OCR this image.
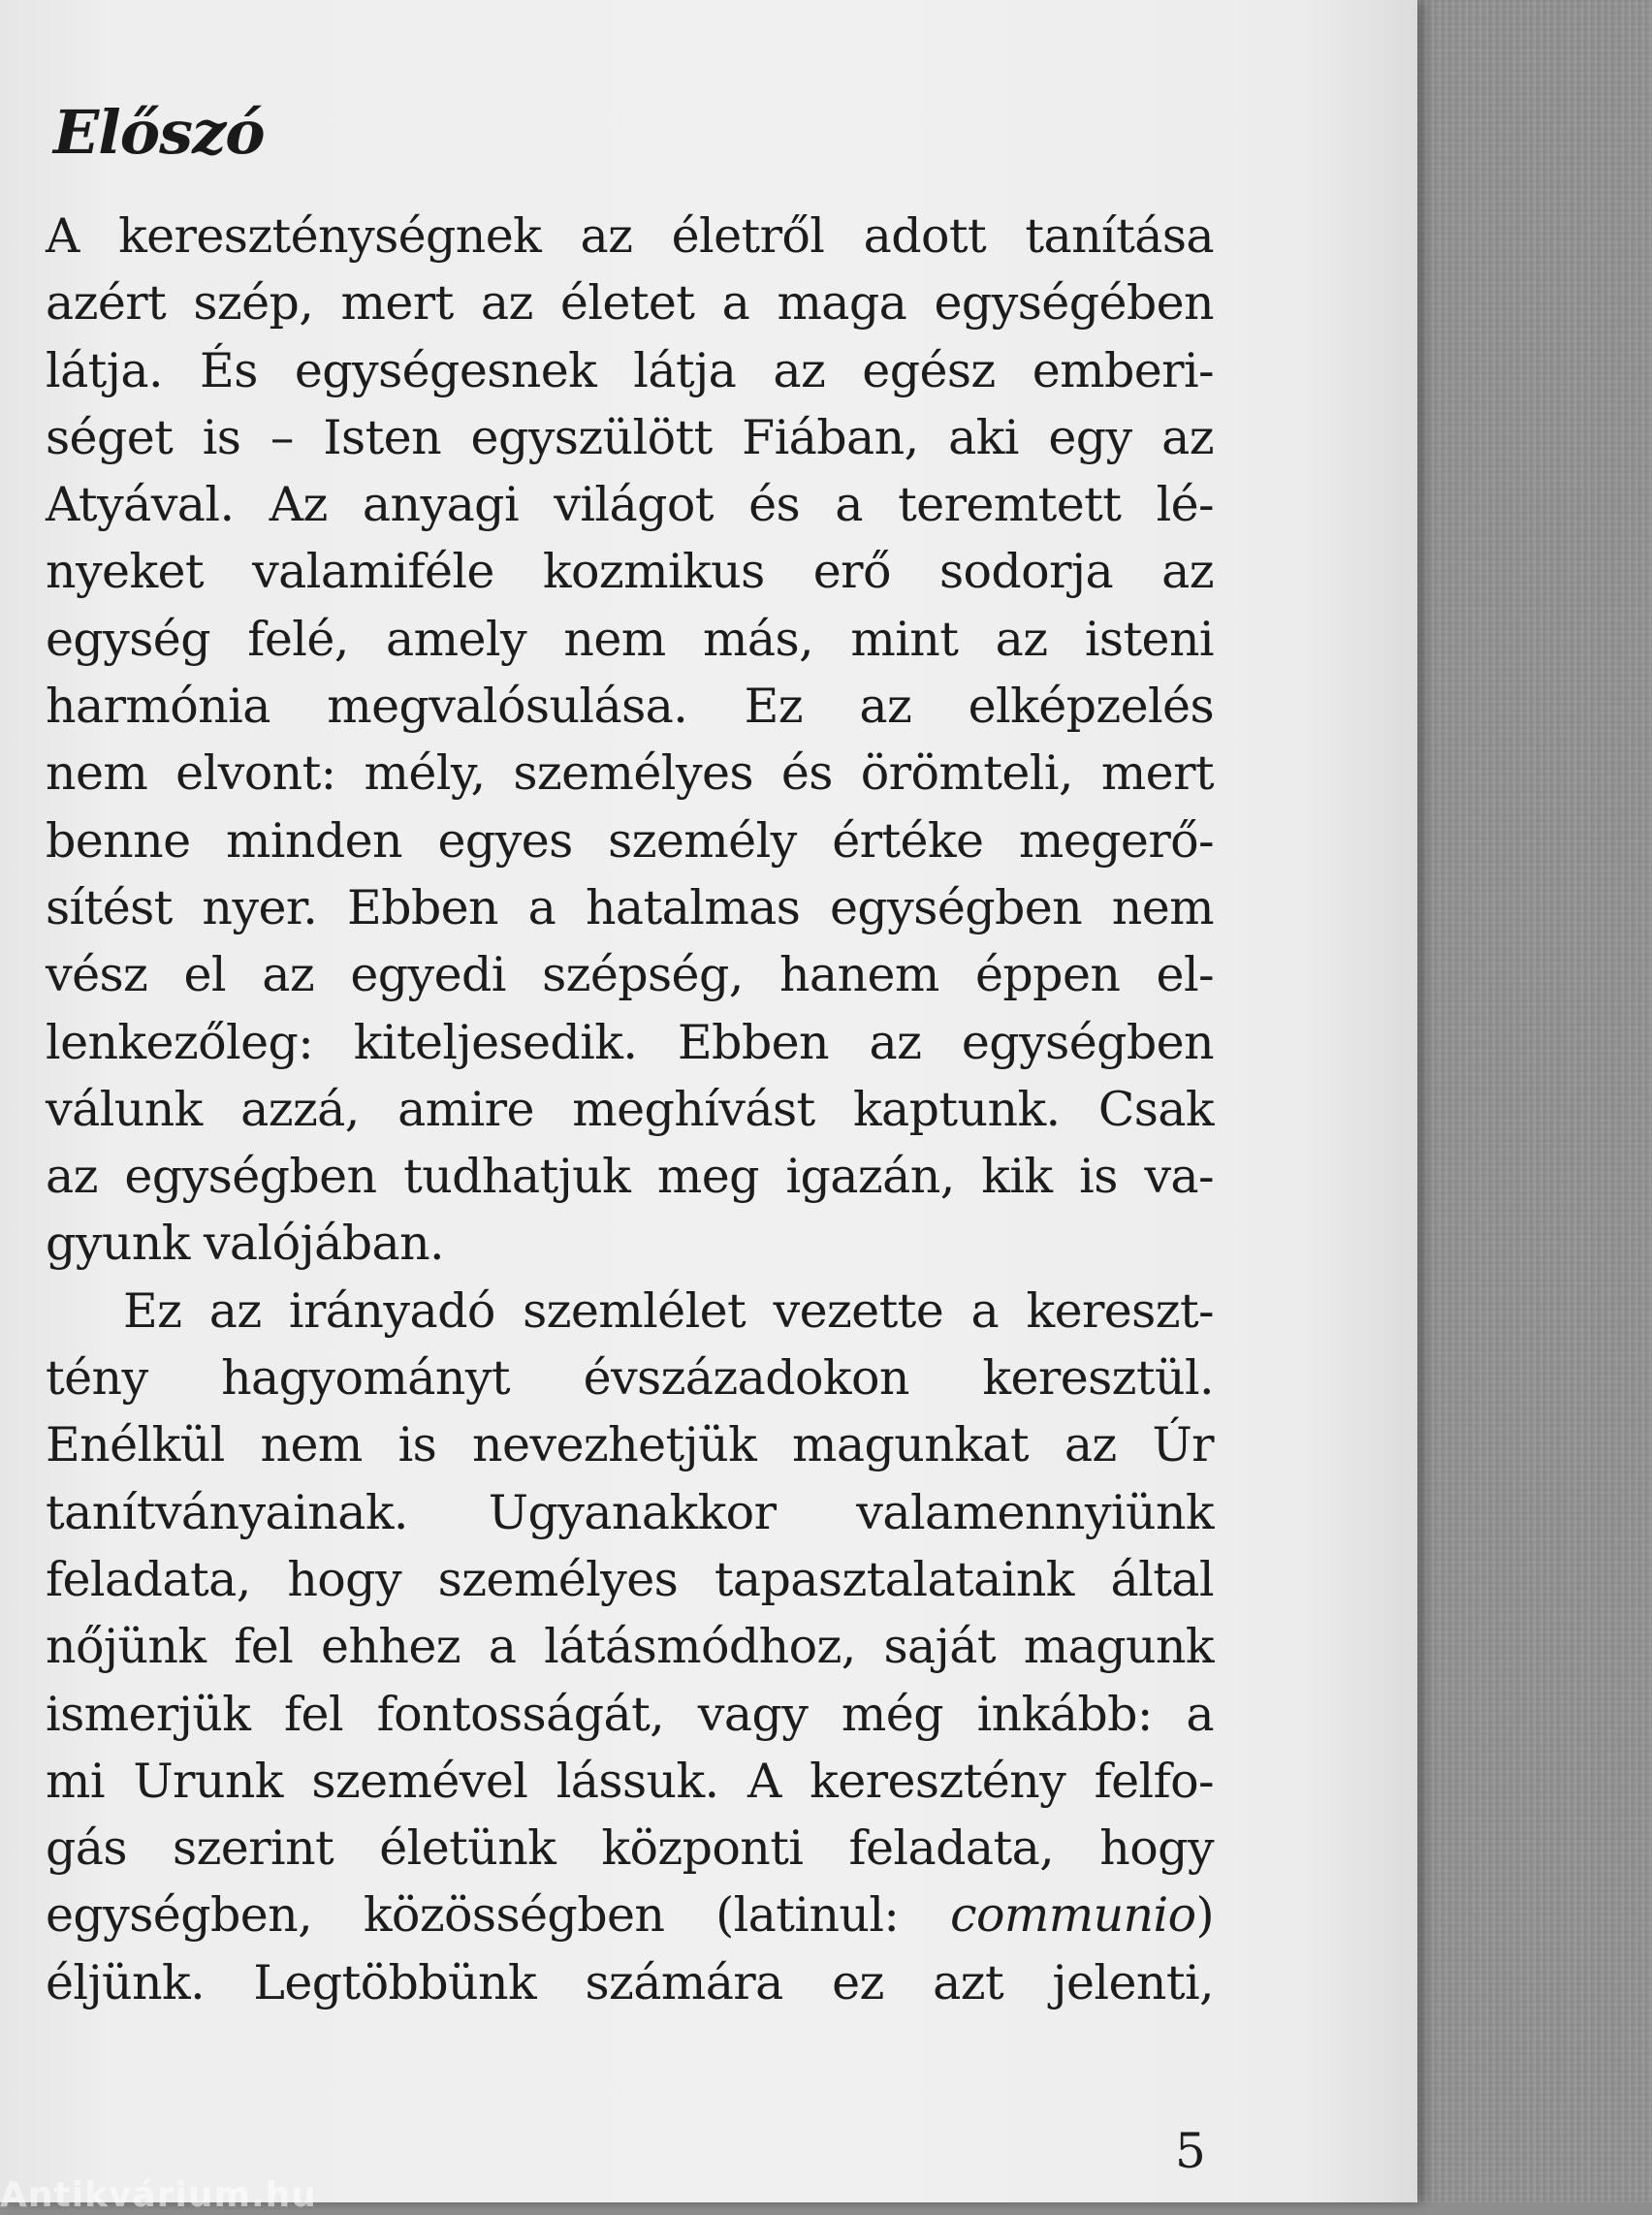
Előszó
A kereszténységnek az életről adott tanítása
azért szép, mert az életet a maga egységében
látja. És egységesnek látja az egész emberi-
séget is – Isten egyszülött Fiában, aki egy az
Atyával. Az anyagi világot és a teremtett lé-
nyeket valamiféle kozmikus erő sodorja az
egység felé, amely nem más, mint az isteni
harmónia megvalósulása. Ez az elképzelés
nem elvont: mély, személyes és örömteli, mert
benne minden egyes személy értéke megerő-
sítést nyer. Ebben a hatalmas egységben nem
vész el az egyedi szépség, hanem éppen el-
lenkezőleg: kiteljesedik. Ebben az egységben
válunk azzá, amire meghívást kaptunk. Csak
az egységben tudhatjuk meg igazán, kik is va-
gyunk valójában.
Ez az irányadó szemlélet vezette a kereszt-
tény hagyományt évszázadokon keresztül.
Enélkül nem is nevezhetjük magunkat az Úr
tanítványainak. Ugyanakkor valamennyiünk
feladata, hogy személyes tapasztalataink által
nőjünk fel ehhez a látásmódhoz, saját magunk
ismerjük fel fontosságát, vagy még inkább: a
mi Urunk szemével lássuk. A keresztény felfo-
gás szerint életünk központi feladata, hogy
egységben, közösségben (latinul: communio)
éljünk. Legtöbbünk számára ez azt jelenti,
5
Antikvárium.hu
